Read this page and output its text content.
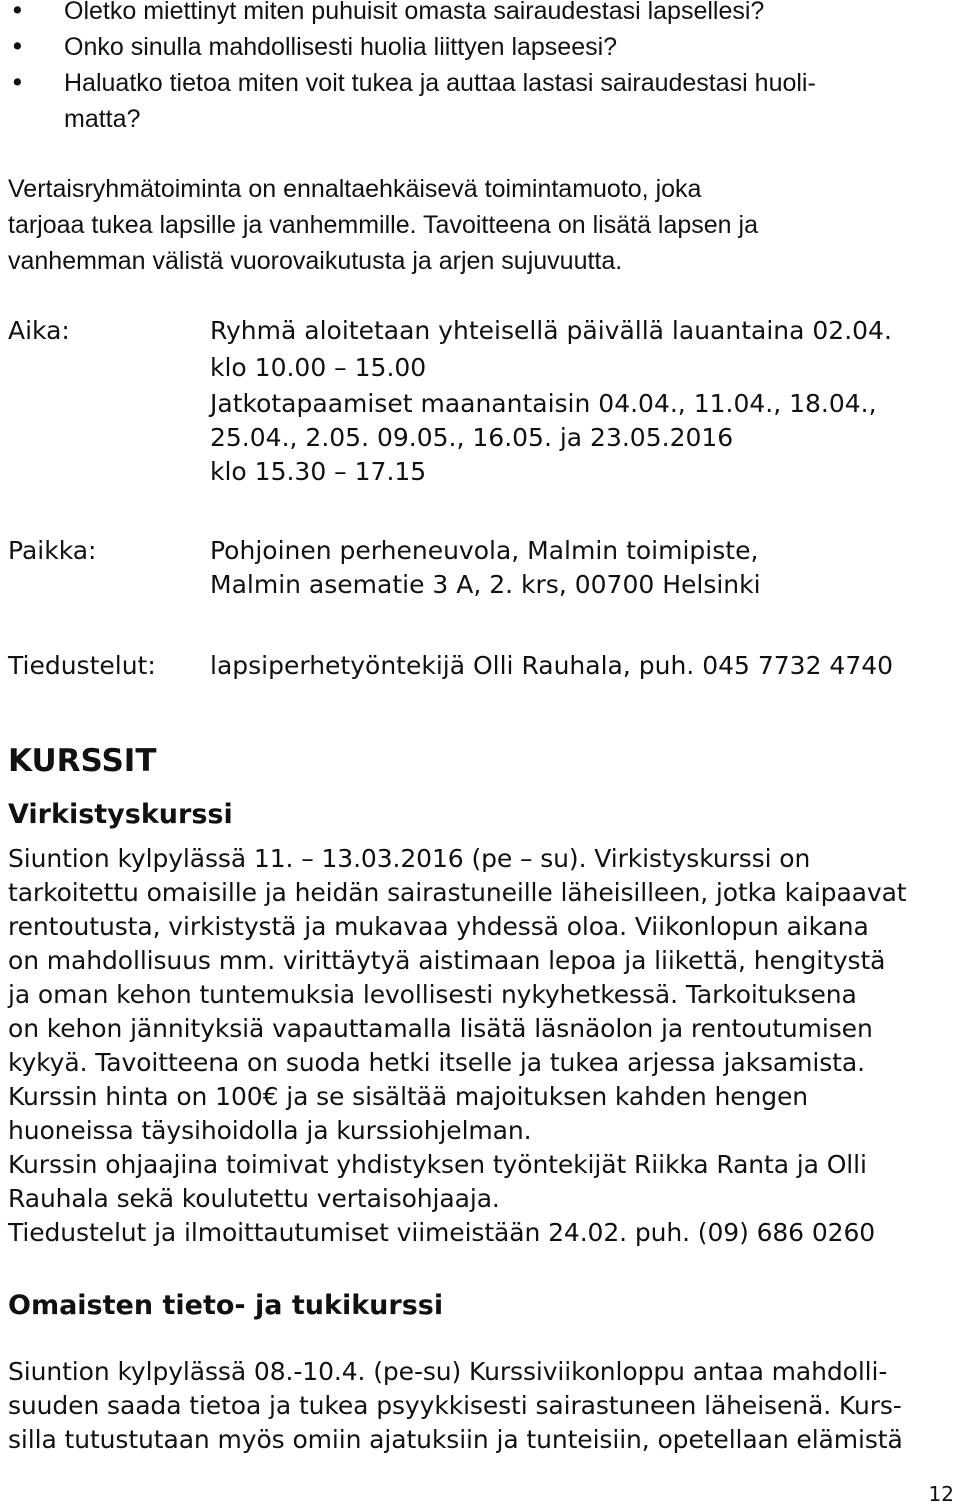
• Oletko miettinyt miten puhuisit omasta sairaudestasi lapsellesi?
• Onko sinulla mahdollisesti huolia liittyen lapseesi?
• Haluatko tietoa miten voit tukea ja auttaa lastasi sairaudestasi huoli-
matta?
Vertaisryhmätoiminta on ennaltaehkäisevä toimintamuoto, joka
tarjoaa tukea lapsille ja vanhemmille. Tavoitteena on lisätä lapsen ja
vanhemman välistä vuorovaikutusta ja arjen sujuvuutta.
Aika:	Ryhmä aloitetaan yhteisellä päivällä lauantaina 02.04.
klo 10.00 – 15.00
Jatkotapaamiset maanantaisin 04.04., 11.04., 18.04.,
25.04., 2.05. 09.05., 16.05. ja 23.05.2016
klo 15.30 – 17.15
Paikka:	Pohjoinen perheneuvola, Malmin toimipiste,
Malmin asematie 3 A, 2. krs, 00700 Helsinki
Tiedustelut: lapsiperhetyöntekijä Olli Rauhala, puh. 045 7732 4740
KURSSIT
Virkistyskurssi
Siuntion kylpylässä 11. – 13.03.2016 (pe – su). Virkistyskurssi on
tarkoitettu omaisille ja heidän sairastuneille läheisilleen, jotka kaipaavat
rentoutusta, virkistystä ja mukavaa yhdessä oloa. Viikonlopun aikana
on mahdollisuus mm. virittäytyä aistimaan lepoa ja liikettä, hengitystä
ja oman kehon tuntemuksia levollisesti nykyhetkessä. Tarkoituksena
on kehon jännityksiä vapauttamalla lisätä läsnäolon ja rentoutumisen
kykyä. Tavoitteena on suoda hetki itselle ja tukea arjessa jaksamista.
Kurssin hinta on 100€ ja se sisältää majoituksen kahden hengen
huoneissa täysihoidolla ja kurssiohjelman.
Kurssin ohjaajina toimivat yhdistyksen työntekijät Riikka Ranta ja Olli
Rauhala sekä koulutettu vertaisohjaaja.
Tiedustelut ja ilmoittautumiset viimeistään 24.02. puh. (09) 686 0260
Omaisten tieto- ja tukikurssi
Siuntion kylpylässä 08.-10.4. (pe-su) Kurssiviikonloppu antaa mahdolli-
suuden saada tietoa ja tukea psyykkisesti sairastuneen läheisenä. Kurs-
silla tutustutaan myös omiin ajatuksiin ja tunteisiin, opetellaan elämistä
12
